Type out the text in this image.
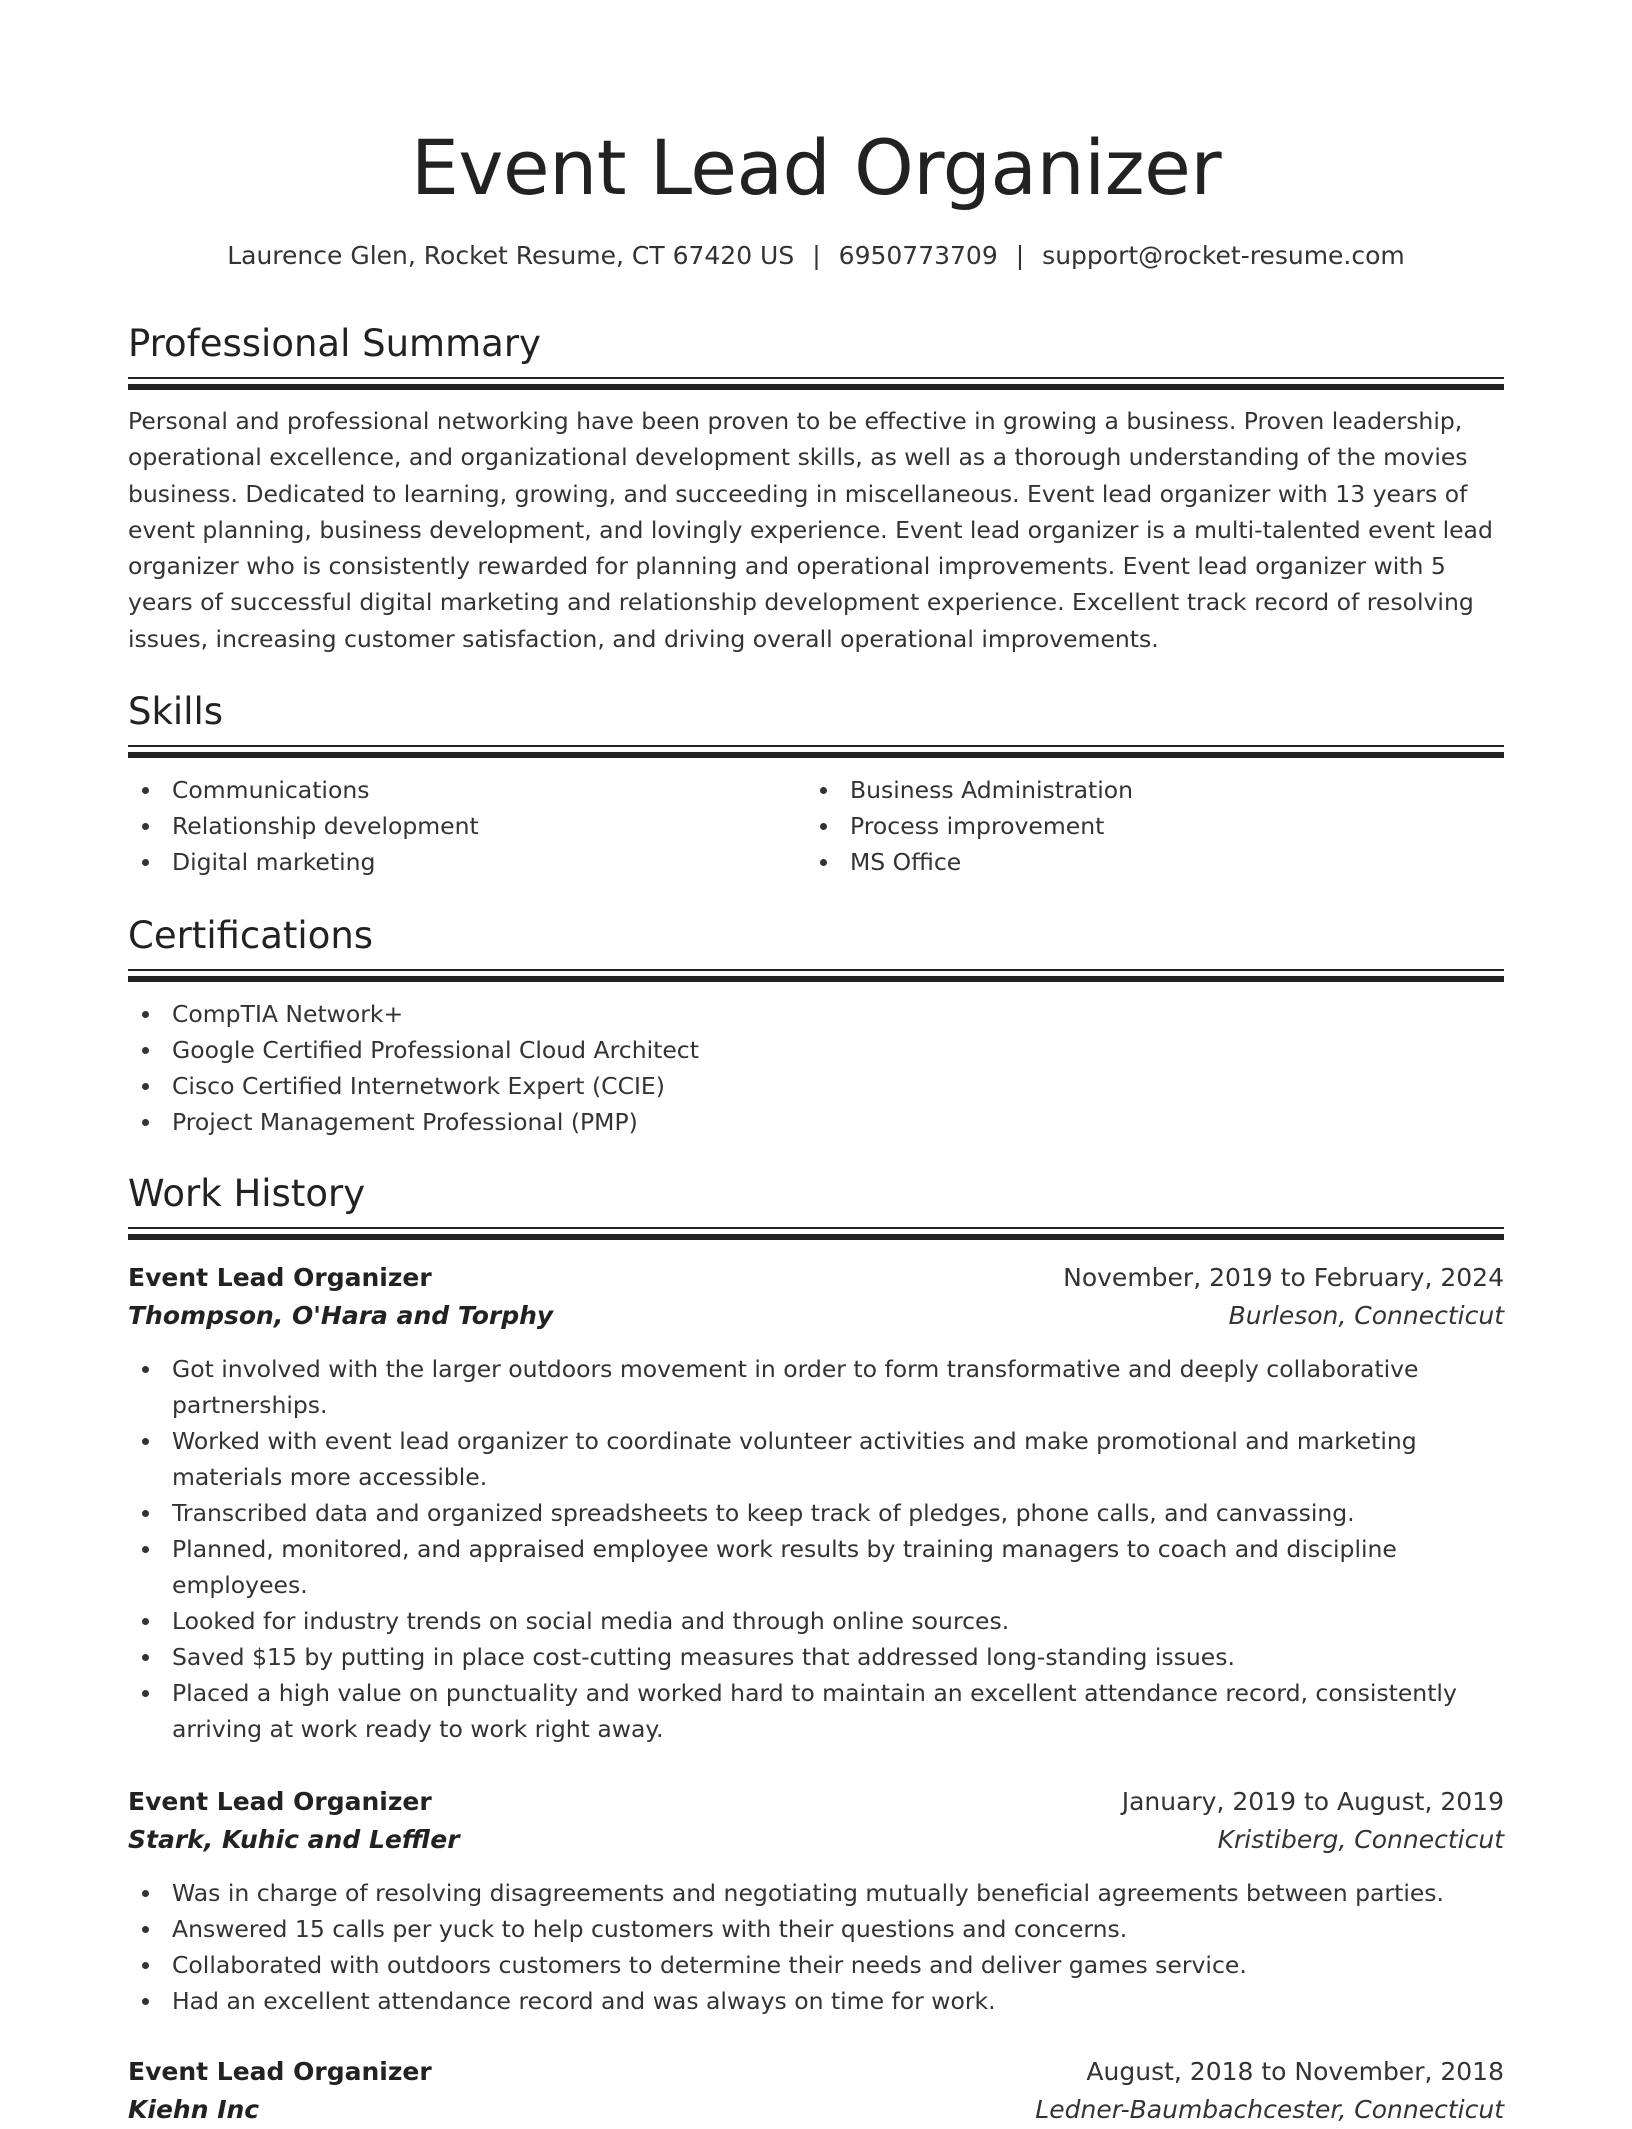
Event Lead Organizer
Laurence Glen, Rocket Resume, CT 67420 US | 6950773709 | support@rocket-resume.com
Professional Summary
Personal and professional networking have been proven to be effective in growing a business. Proven leadership, operational excellence, and organizational development skills, as well as a thorough understanding of the movies business. Dedicated to learning, growing, and succeeding in miscellaneous. Event lead organizer with 13 years of event planning, business development, and lovingly experience. Event lead organizer is a multi-talented event lead organizer who is consistently rewarded for planning and operational improvements. Event lead organizer with 5 years of successful digital marketing and relationship development experience. Excellent track record of resolving issues, increasing customer satisfaction, and driving overall operational improvements.
Skills
Communications
Relationship development
Digital marketing
Business Administration
Process improvement
MS Office
Certifications
CompTIA Network+
Google Certified Professional Cloud Architect
Cisco Certified Internetwork Expert (CCIE)
Project Management Professional (PMP)
Work History
Event Lead Organizer	November, 2019 to February, 2024
Thompson, O'Hara and Torphy	Burleson, Connecticut
Got involved with the larger outdoors movement in order to form transformative and deeply collaborative partnerships.
Worked with event lead organizer to coordinate volunteer activities and make promotional and marketing materials more accessible.
Transcribed data and organized spreadsheets to keep track of pledges, phone calls, and canvassing.
Planned, monitored, and appraised employee work results by training managers to coach and discipline employees.
Looked for industry trends on social media and through online sources.
Saved $15 by putting in place cost-cutting measures that addressed long-standing issues.
Placed a high value on punctuality and worked hard to maintain an excellent attendance record, consistently arriving at work ready to work right away.
Event Lead Organizer	January, 2019 to August, 2019
Stark, Kuhic and Leffler	Kristiberg, Connecticut
Was in charge of resolving disagreements and negotiating mutually beneficial agreements between parties.
Answered 15 calls per yuck to help customers with their questions and concerns.
Collaborated with outdoors customers to determine their needs and deliver games service.
Had an excellent attendance record and was always on time for work.
Event Lead Organizer	August, 2018 to November, 2018
Kiehn Inc	Ledner-Baumbachcester, Connecticut
